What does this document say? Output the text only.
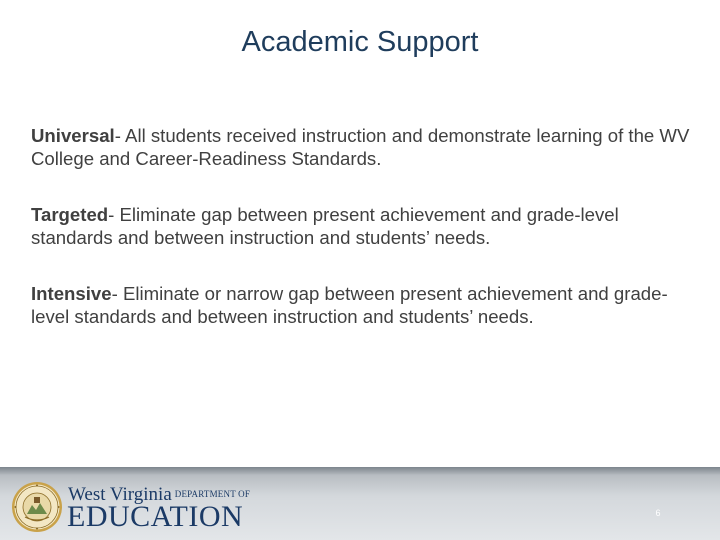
Academic Support

Universal- All students received instruction and demonstrate learning of the WV College and Career-Readiness Standards.

Targeted- Eliminate gap between present achievement and grade-level standards and between instruction and students’ needs.

Intensive- Eliminate or narrow gap between present achievement and grade-level standards and between instruction and students’ needs.

West Virginia DEPARTMENT OF
EDUCATION	6
